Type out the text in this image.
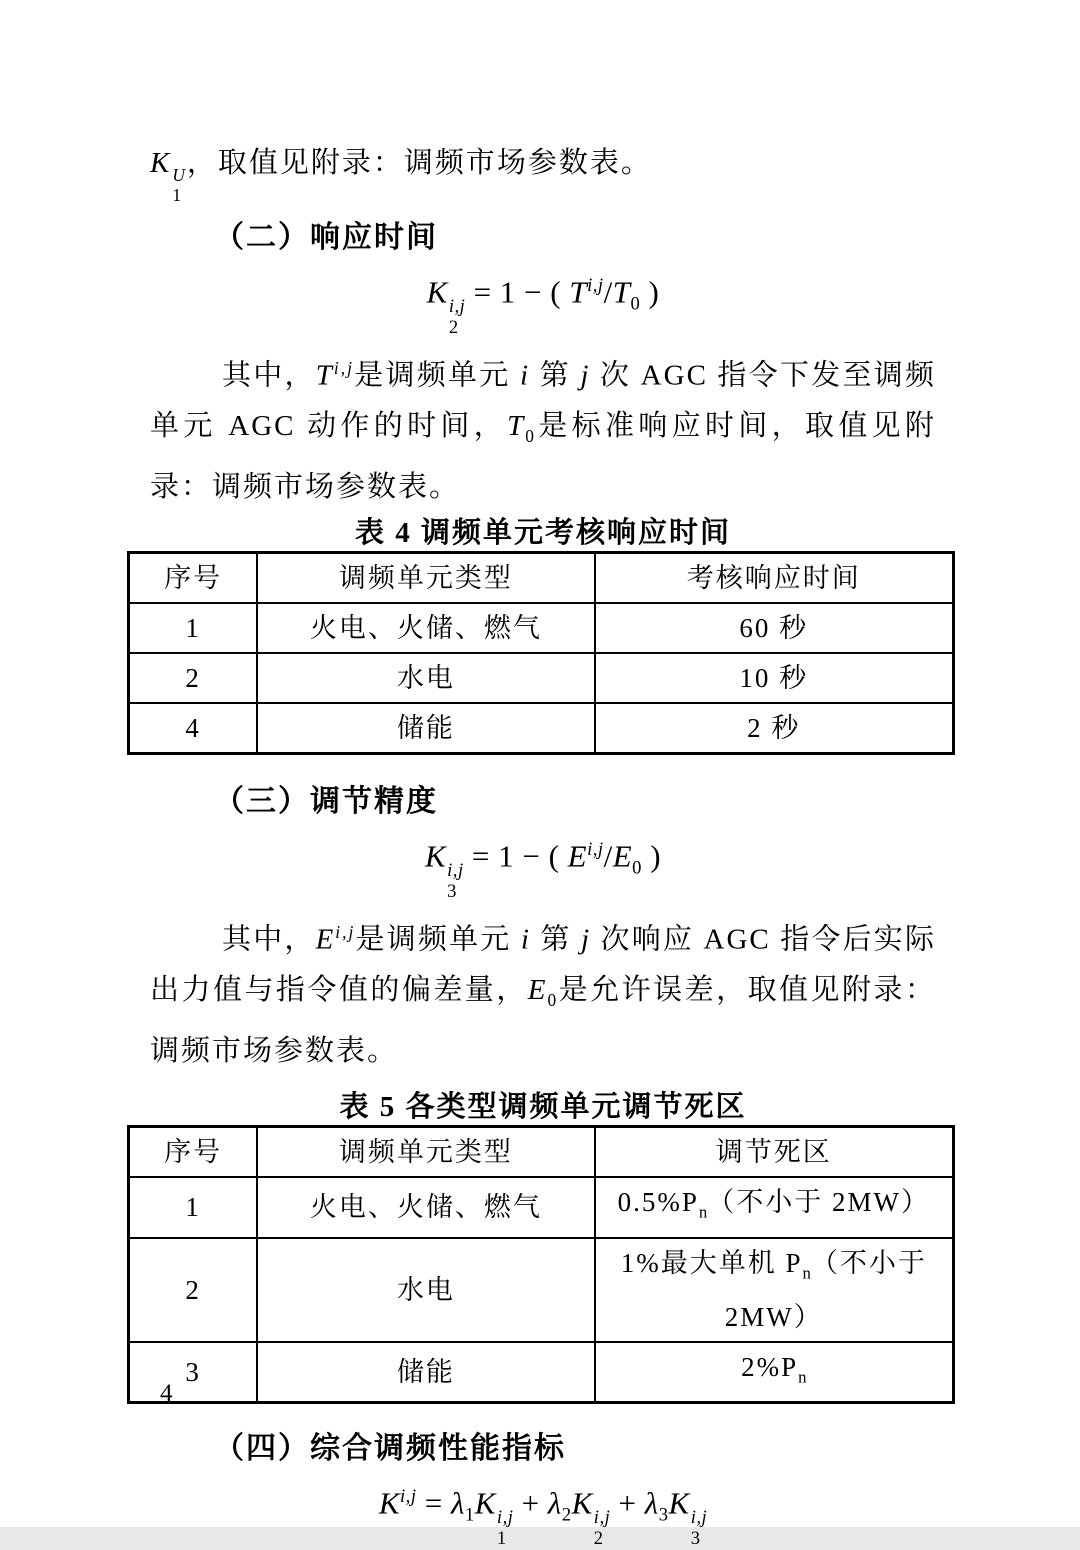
K U
1
，取值见附录：调频市场参数表。

（二）响应时间

K i,j
2
= 1 − ( $T^{i,j}/T_0$ )

其中，T$^{i,j}$是调频单元 i 第 j 次 AGC 指令下发至调频单元 AGC 动作的时间，$T_0$是标准响应时间，取值见附录：调频市场参数表。

表 4 调频单元考核响应时间

序号	调频单元类型	考核响应时间
1	火电、火储、燃气	60 秒
2	水电	10 秒
4	储能	2 秒
（三）调节精度

K i,j
3
= 1 − ( $E^{i,j}/E_0$ )

其中，E$^{i,j}$是调频单元 i 第 j 次响应 AGC 指令后实际出力值与指令值的偏差量，$E_0$是允许误差，取值见附录：调频市场参数表。

表 5 各类型调频单元调节死区

序号	调频单元类型	调节死区
1	火电、火储、燃气	$0.5\%P_n$（不小于 2MW）
2	水电	1%最大单机 $P_n$（不小于 2MW）
3	储能	$2\%P_n$
（四）综合调频性能指标

$K^{i,j} = \lambda_1K$ i,j
1
+ $\lambda_2K$ i,j
2
+ $\lambda_3K$ i,j
3

4
